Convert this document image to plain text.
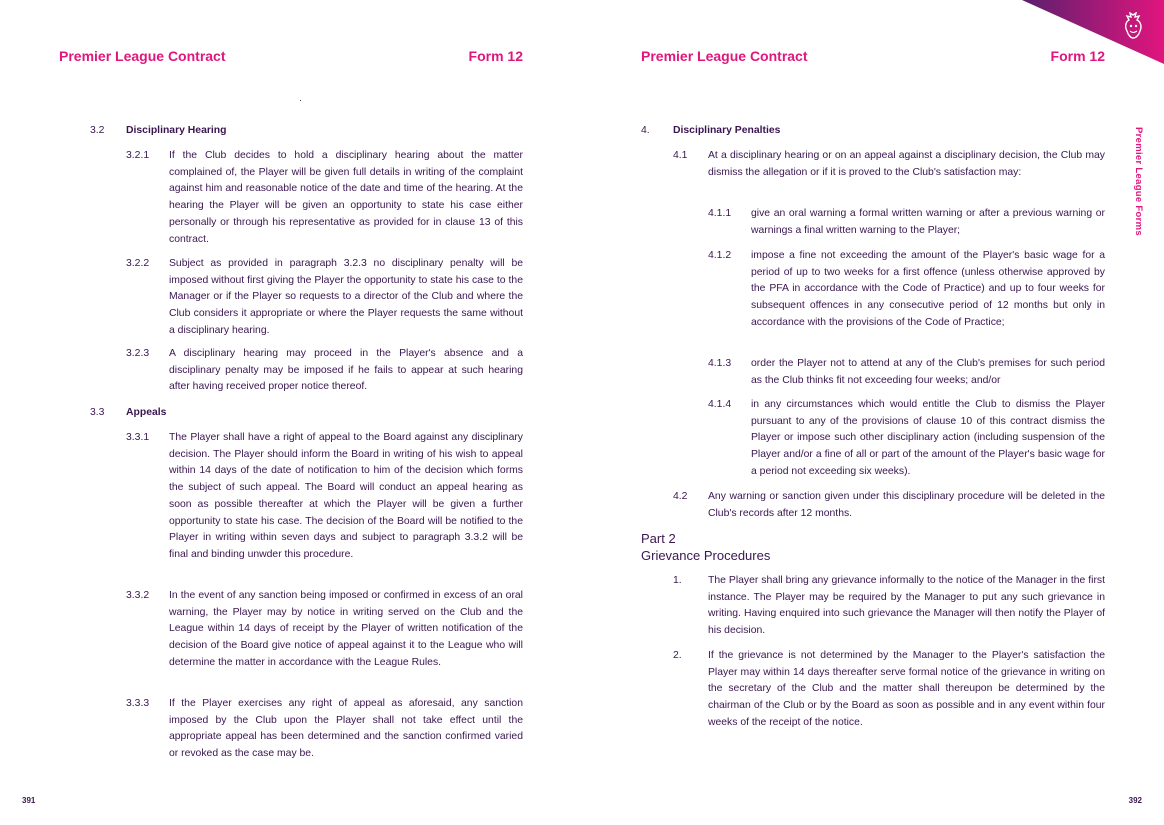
Premier League Contract	Form 12
3.2	Disciplinary Hearing
3.2.1	If the Club decides to hold a disciplinary hearing about the matter complained of, the Player will be given full details in writing of the complaint against him and reasonable notice of the date and time of the hearing. At the hearing the Player will be given an opportunity to state his case either personally or through his representative as provided for in clause 13 of this contract.
3.2.2	Subject as provided in paragraph 3.2.3 no disciplinary penalty will be imposed without first giving the Player the opportunity to state his case to the Manager or if the Player so requests to a director of the Club and where the Club considers it appropriate or where the Player requests the same without a disciplinary hearing.
3.2.3	A disciplinary hearing may proceed in the Player's absence and a disciplinary penalty may be imposed if he fails to appear at such hearing after having received proper notice thereof.
3.3	Appeals
3.3.1	The Player shall have a right of appeal to the Board against any disciplinary decision. The Player should inform the Board in writing of his wish to appeal within 14 days of the date of notification to him of the decision which forms the subject of such appeal. The Board will conduct an appeal hearing as soon as possible thereafter at which the Player will be given a further opportunity to state his case. The decision of the Board will be notified to the Player in writing within seven days and subject to paragraph 3.3.2 will be final and binding unwder this procedure.
3.3.2	In the event of any sanction being imposed or confirmed in excess of an oral warning, the Player may by notice in writing served on the Club and the League within 14 days of receipt by the Player of written notification of the decision of the Board give notice of appeal against it to the League who will determine the matter in accordance with the League Rules.
3.3.3	If the Player exercises any right of appeal as aforesaid, any sanction imposed by the Club upon the Player shall not take effect until the appropriate appeal has been determined and the sanction confirmed varied or revoked as the case may be.
391
Premier League Contract	Form 12
Premier League Forms
4.	Disciplinary Penalties
4.1	At a disciplinary hearing or on an appeal against a disciplinary decision, the Club may dismiss the allegation or if it is proved to the Club's satisfaction may:
4.1.1	give an oral warning a formal written warning or after a previous warning or warnings a final written warning to the Player;
4.1.2	impose a fine not exceeding the amount of the Player's basic wage for a period of up to two weeks for a first offence (unless otherwise approved by the PFA in accordance with the Code of Practice) and up to four weeks for subsequent offences in any consecutive period of 12 months but only in accordance with the provisions of the Code of Practice;
4.1.3	order the Player not to attend at any of the Club's premises for such period as the Club thinks fit not exceeding four weeks; and/or
4.1.4	in any circumstances which would entitle the Club to dismiss the Player pursuant to any of the provisions of clause 10 of this contract dismiss the Player or impose such other disciplinary action (including suspension of the Player and/or a fine of all or part of the amount of the Player's basic wage for a period not exceeding six weeks).
4.2	Any warning or sanction given under this disciplinary procedure will be deleted in the Club's records after 12 months.
Part 2
Grievance Procedures
1.	The Player shall bring any grievance informally to the notice of the Manager in the first instance. The Player may be required by the Manager to put any such grievance in writing. Having enquired into such grievance the Manager will then notify the Player of his decision.
2.	If the grievance is not determined by the Manager to the Player's satisfaction the Player may within 14 days thereafter serve formal notice of the grievance in writing on the secretary of the Club and the matter shall thereupon be determined by the chairman of the Club or by the Board as soon as possible and in any event within four weeks of the receipt of the notice.
392
